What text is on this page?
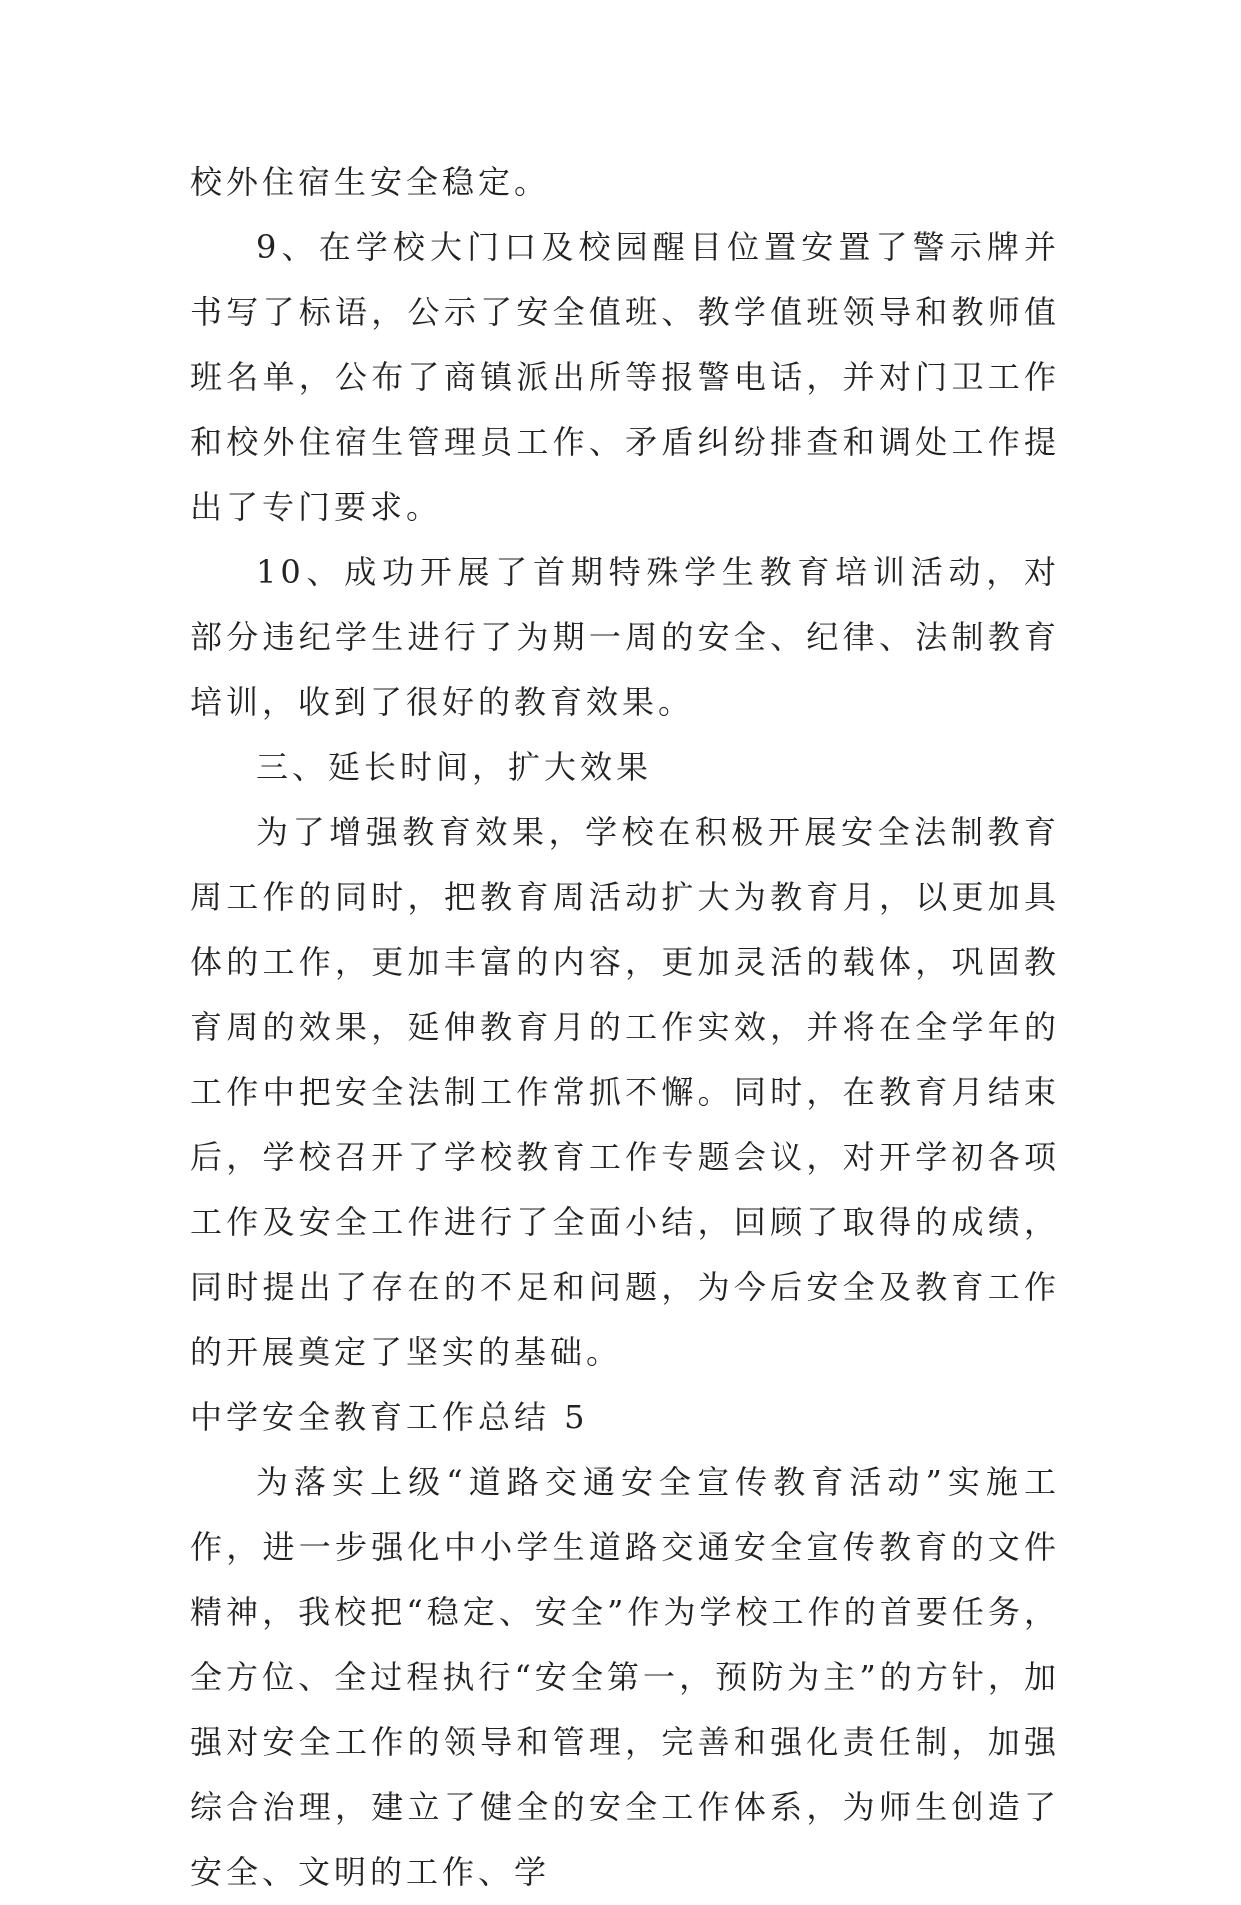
校外住宿生安全稳定。

9、在学校大门口及校园醒目位置安置了警示牌并书写了标语，公示了安全值班、教学值班领导和教师值班名单，公布了商镇派出所等报警电话，并对门卫工作和校外住宿生管理员工作、矛盾纠纷排查和调处工作提出了专门要求。

10、成功开展了首期特殊学生教育培训活动，对部分违纪学生进行了为期一周的安全、纪律、法制教育培训，收到了很好的教育效果。

三、延长时间，扩大效果

为了增强教育效果，学校在积极开展安全法制教育周工作的同时，把教育周活动扩大为教育月，以更加具体的工作，更加丰富的内容，更加灵活的载体，巩固教育周的效果，延伸教育月的工作实效，并将在全学年的工作中把安全法制工作常抓不懈。同时，在教育月结束后，学校召开了学校教育工作专题会议，对开学初各项工作及安全工作进行了全面小结，回顾了取得的成绩，同时提出了存在的不足和问题，为今后安全及教育工作的开展奠定了坚实的基础。

中学安全教育工作总结 5

为落实上级“道路交通安全宣传教育活动”实施工作，进一步强化中小学生道路交通安全宣传教育的文件精神，我校把“稳定、安全”作为学校工作的首要任务，全方位、全过程执行“安全第一，预防为主”的方针，加强对安全工作的领导和管理，完善和强化责任制，加强综合治理，建立了健全的安全工作体系，为师生创造了安全、文明的工作、学
